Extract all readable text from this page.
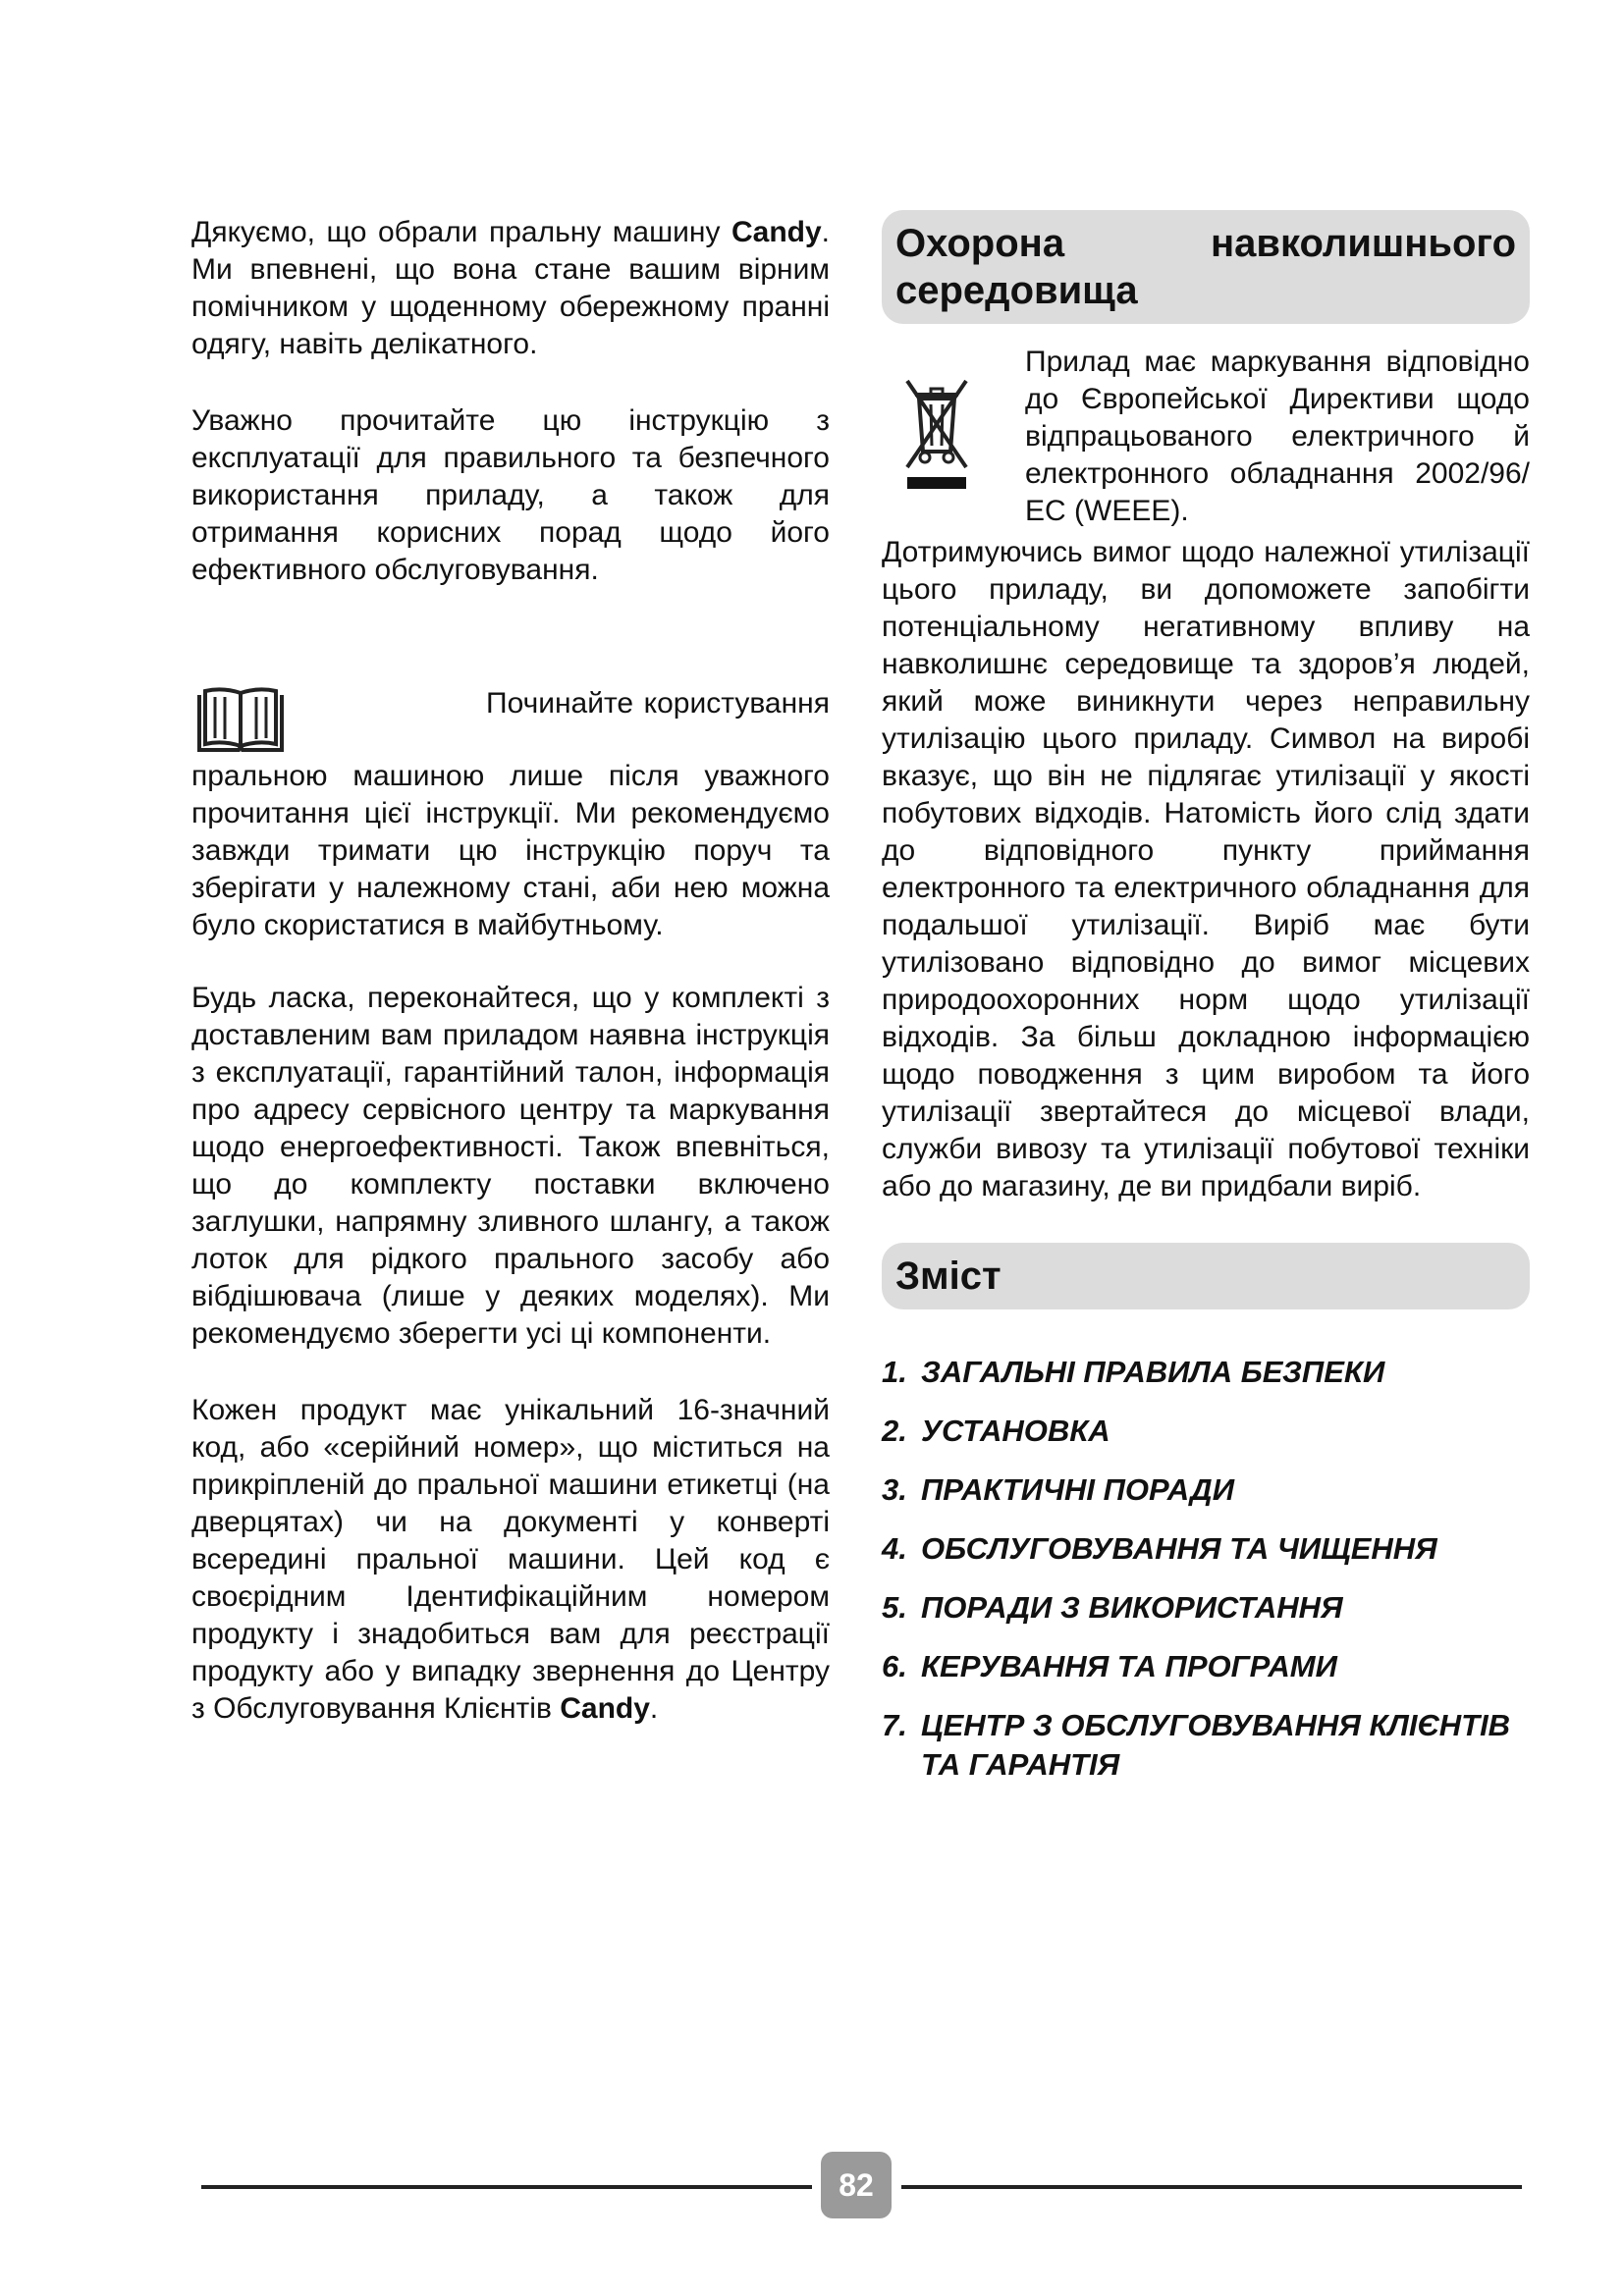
Дякуємо, що обрали пральну машину Candy. Ми впевнені, що вона стане вашим вірним помічником у щоденному обережному пранні одягу, навіть делікатного.

Уважно прочитайте цю інструкцію з експлуатації для правильного та безпечного використання приладу, а також для отримання корисних порад щодо його ефективного обслуговування.

Починайте користування пральною машиною лише після уважного прочитання цієї інструкції. Ми рекомендуємо завжди тримати цю інструкцію поруч та зберігати у належному стані, аби нею можна було скористатися в майбутньому.

Будь ласка, переконайтеся, що у комплекті з доставленим вам приладом наявна інструкція з експлуатації, гарантійний талон, інформація про адресу сервісного центру та маркування щодо енергоефективності. Також впевніться, що до комплекту поставки включено заглушки, напрямну зливного шлангу, а також лоток для рідкого прального засобу або вібдішювача (лише у деяких моделях). Ми рекомендуємо зберегти усі ці компоненти.

Кожен продукт має унікальний 16-значний код, або «серійний номер», що міститься на прикріпленій до пральної машини етикетці (на дверцятах) чи на документі у конверті всередині пральної машини. Цей код є своєрідним Ідентифікаційним номером продукту і знадобиться вам для реєстрації продукту або у випадку звернення до Центру з Обслуговування Клієнтів Candy.

Охорона навколишнього середовища

Прилад має маркування відповідно до Європейської Директиви щодо відпрацьованого електричного й електронного обладнання 2002/96/ЕС (WEEE).

Дотримуючись вимог щодо належної утилізації цього приладу, ви допоможете запобігти потенціальному негативному впливу на навколишнє середовище та здоров’я людей, який може виникнути через неправильну утилізацію цього приладу. Символ на виробі вказує, що він не підлягає утилізації у якості побутових відходів. Натомість його слід здати до відповідного пункту приймання електронного та електричного обладнання для подальшої утилізації. Виріб має бути утилізовано відповідно до вимог місцевих природоохоронних норм щодо утилізації відходів. За більш докладною інформацією щодо поводження з цим виробом та його утилізації звертайтеся до місцевої влади, служби вивозу та утилізації побутової техніки або до магазину, де ви придбали виріб.

Зміст
1. ЗАГАЛЬНІ ПРАВИЛА БЕЗПЕКИ
2. УСТАНОВКА
3. ПРАКТИЧНІ ПОРАДИ
4. ОБСЛУГОВУВАННЯ ТА ЧИЩЕННЯ
5. ПОРАДИ З ВИКОРИСТАННЯ
6. КЕРУВАННЯ ТА ПРОГРАМИ
7. ЦЕНТР З ОБСЛУГОВУВАННЯ КЛІЄНТІВ ТА ГАРАНТІЯ
82
